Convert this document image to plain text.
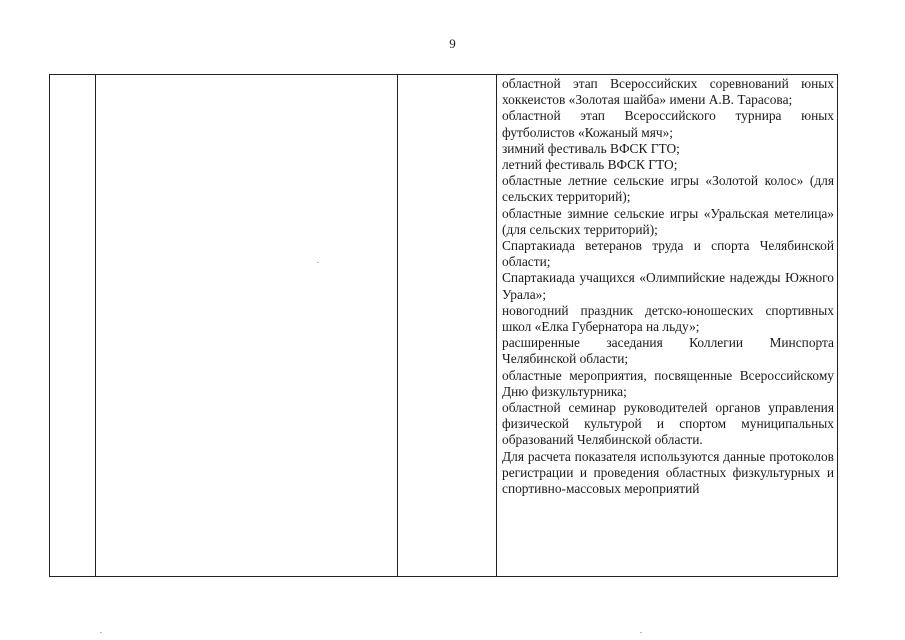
9

областной этап Всероссийских соревнований юных хоккеистов «Золотая шайба» имени А.В. Тарасова;
областной этап Всероссийского турнира юных футболистов «Кожаный мяч»;
зимний фестиваль ВФСК ГТО;
летний фестиваль ВФСК ГТО;
областные летние сельские игры «Золотой колос» (для сельских территорий);
областные зимние сельские игры «Уральская метелица» (для сельских территорий);
Спартакиада ветеранов труда и спорта Челябинской области;
Спартакиада учащихся «Олимпийские надежды Южного Урала»;
новогодний праздник детско-юношеских спортивных школ «Елка Губернатора на льду»;
расширенные заседания Коллегии Минспорта Челябинской области;
областные мероприятия, посвященные Всероссийскому Дню физкультурника;
областной семинар руководителей органов управления физической культурой и спортом муниципальных образований Челябинской области.
Для расчета показателя используются данные протоколов регистрации и проведения областных физкультурных и спортивно-массовых мероприятий
